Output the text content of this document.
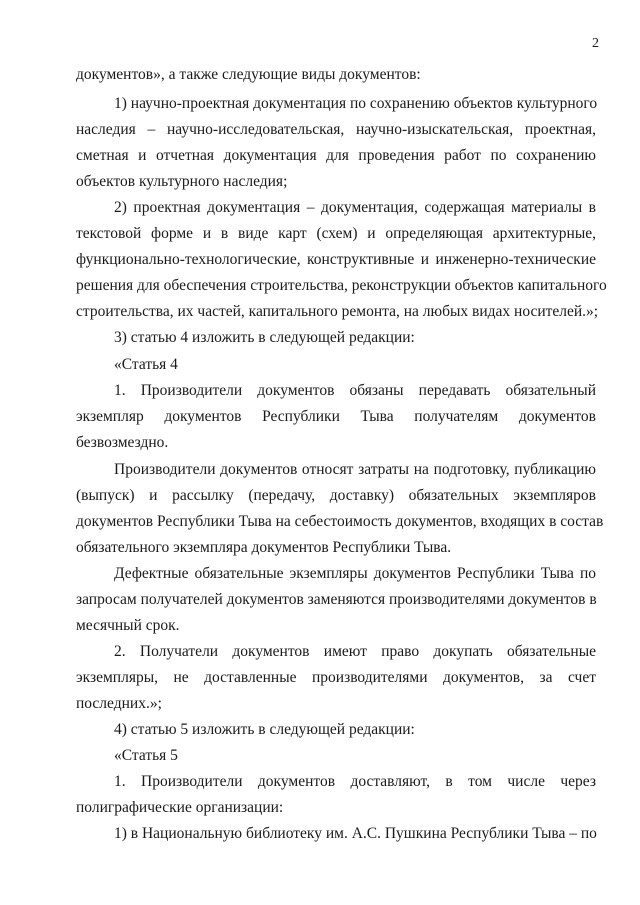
2
документов», а также следующие виды документов:
1) научно-проектная документация по сохранению объектов культурного
наследия – научно-исследовательская, научно-изыскательская, проектная,
сметная и отчетная документация для проведения работ по сохранению
объектов культурного наследия;
2) проектная документация – документация, содержащая материалы в
текстовой форме и в виде карт (схем) и определяющая архитектурные,
функционально-технологические, конструктивные и инженерно-технические
решения для обеспечения строительства, реконструкции объектов капитального
строительства, их частей, капитального ремонта, на любых видах носителей.»;
3) статью 4 изложить в следующей редакции:
«Статья 4
1. Производители документов обязаны передавать обязательный
экземпляр документов Республики Тыва получателям документов
безвозмездно.
Производители документов относят затраты на подготовку, публикацию
(выпуск) и рассылку (передачу, доставку) обязательных экземпляров
документов Республики Тыва на себестоимость документов, входящих в состав
обязательного экземпляра документов Республики Тыва.
Дефектные обязательные экземпляры документов Республики Тыва по
запросам получателей документов заменяются производителями документов в
месячный срок.
2. Получатели документов имеют право докупать обязательные
экземпляры, не доставленные производителями документов, за счет
последних.»;
4) статью 5 изложить в следующей редакции:
«Статья 5
1. Производители документов доставляют, в том числе через
полиграфические организации:
1) в Национальную библиотеку им. А.С. Пушкина Республики Тыва – по
